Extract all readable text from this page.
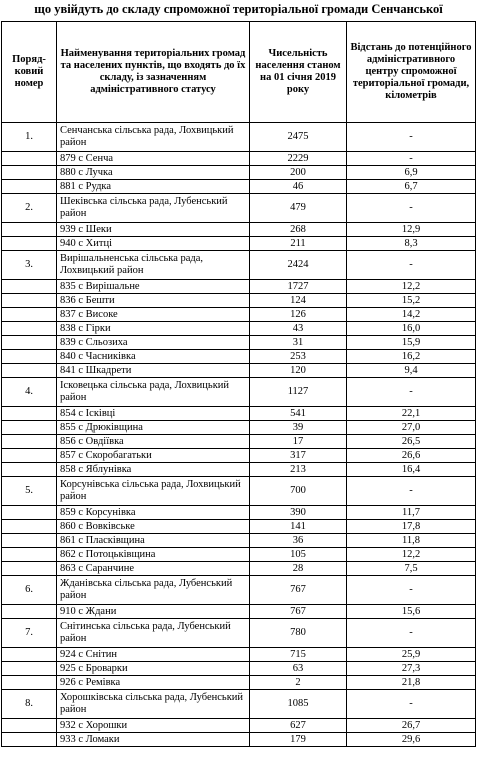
що увійдуть до складу спроможної територіальної громади Сенчанської
Поряд-ковий номер	Найменування територіальних громад та населених пунктів, що входять до їх складу, із зазначенням адміністративного статусу	Чисельність населення станом на 01 січня 2019 року	Відстань до потенційного адміністративного центру спроможної територіальної громади, кілометрів
1.	Сенчанська сільська рада, Лохвицький район	2475	-
	879 с Сенча	2229	-
	880 с Лучка	200	6,9
	881 с Рудка	46	6,7
2.	Шеківська сільська рада, Лубенський район	479	-
	939 с Шеки	268	12,9
	940 с Хитці	211	8,3
3.	Вирішальненська сільська рада, Лохвицький район	2424	-
	835 с Вирішальне	1727	12,2
	836 с Бешти	124	15,2
	837 с Високе	126	14,2
	838 с Гірки	43	16,0
	839 с Сльозиха	31	15,9
	840 с Часниківка	253	16,2
	841 с Шкадрети	120	9,4
4.	Ісковецька сільська рада, Лохвицький район	1127	-
	854 с Ісківці	541	22,1
	855 с Дрюківщина	39	27,0
	856 с Овдіївка	17	26,5
	857 с Скоробагатьки	317	26,6
	858 с Яблунівка	213	16,4
5.	Корсунівська сільська рада, Лохвицький район	700	-
	859 с Корсунівка	390	11,7
	860 с Вовківське	141	17,8
	861 с Пласківщина	36	11,8
	862 с Потоцьківщина	105	12,2
	863 с Саранчине	28	7,5
6.	Жданівська сільська рада, Лубенський район	767	-
	910 с Ждани	767	15,6
7.	Снітинська сільська рада, Лубенський район	780	-
	924 с Снітин	715	25,9
	925 с Броварки	63	27,3
	926 с Ремівка	2	21,8
8.	Хорошківська сільська рада, Лубенський район	1085	-
	932 с Хорошки	627	26,7
	933 с Ломаки	179	29,6
